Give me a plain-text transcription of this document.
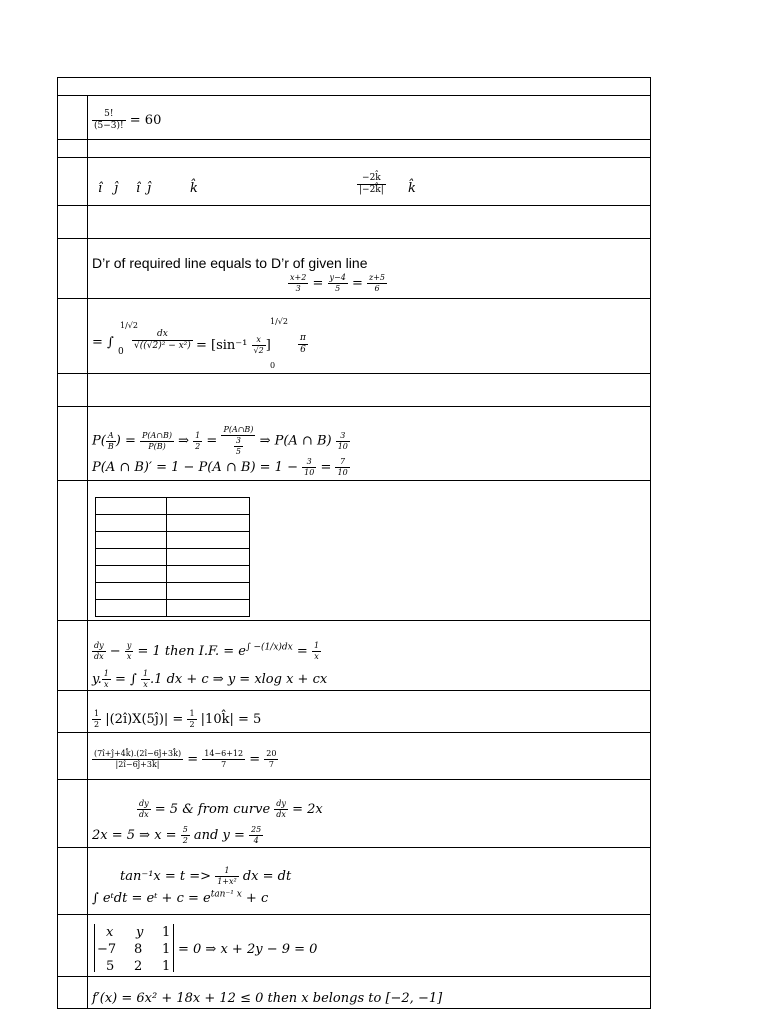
$\frac{5!}{(5-3)!} = 60$
î ĵ î ĵ	k̂	$\frac{-2k̂}{|-2k̂|}$ k̂
D’r of required line equals to D’r of given line
$\frac{x+2}{3} = \frac{y-4}{5} = \frac{z+5}{6}$
= ∫
1/√2
0
$\frac{dx}{\text{√((√2)² − x²)}} = [\sin^{-1} \frac{x}{√2}$ ]
1/√2
0
$\frac{\pi}{6}$
$P( \frac{A}{B}$ ) = $\frac{P(A\cap B)}{P(B)}$ ⇒ $\frac{1}{2} = \frac{P(A\cap B)}{\frac{3}{5}}$ ⇒ P(A ∩ $B) \frac{3}{10}$
P(A ∩ B)′ = 1 − P(A ∩ $B) = 1 - \frac{3}{10} = \frac{7}{10}$

$\frac{dy}{dx} - \frac{y}{x} = 1$ then I.F. = $e^{\int -(1/x)dx} = \frac{1}{x}$
y. $\frac{1}{x}$ = ∫ $\frac{1}{x} .1$ dx + c ⇒ y = xlog x + cx
$\frac{1}{2}$ |(2î)X(5ĵ)| = $\frac{1}{2}$ |10k̂| = 5
$\frac{(7î+ĵ+4k̂).(2î-6ĵ+3k̂)}{|2î-6ĵ+3k̂|} = \frac{14-6+12}{7} = \frac{20}{7}$
$\frac{dy}{dx} = 5$ & from curve $\frac{dy}{dx} = 2x$
2x = 5 ⇒ $x = \frac{5}{2}$ and $y = \frac{25}{4}$
$\tan^{-1}x = t => \frac{1}{\text{1+x²}}$ dx = dt
∫ eᵗdt = eᵗ + $c = e^{tan^{-1} x} + c$
x y 1
−7 8 1
5 2 1
= 0 ⇒ x + 2y − 9 = 0
f′(x) = 6x² + 18x + 12 ≤ 0 then x belongs to [−2, −1]
